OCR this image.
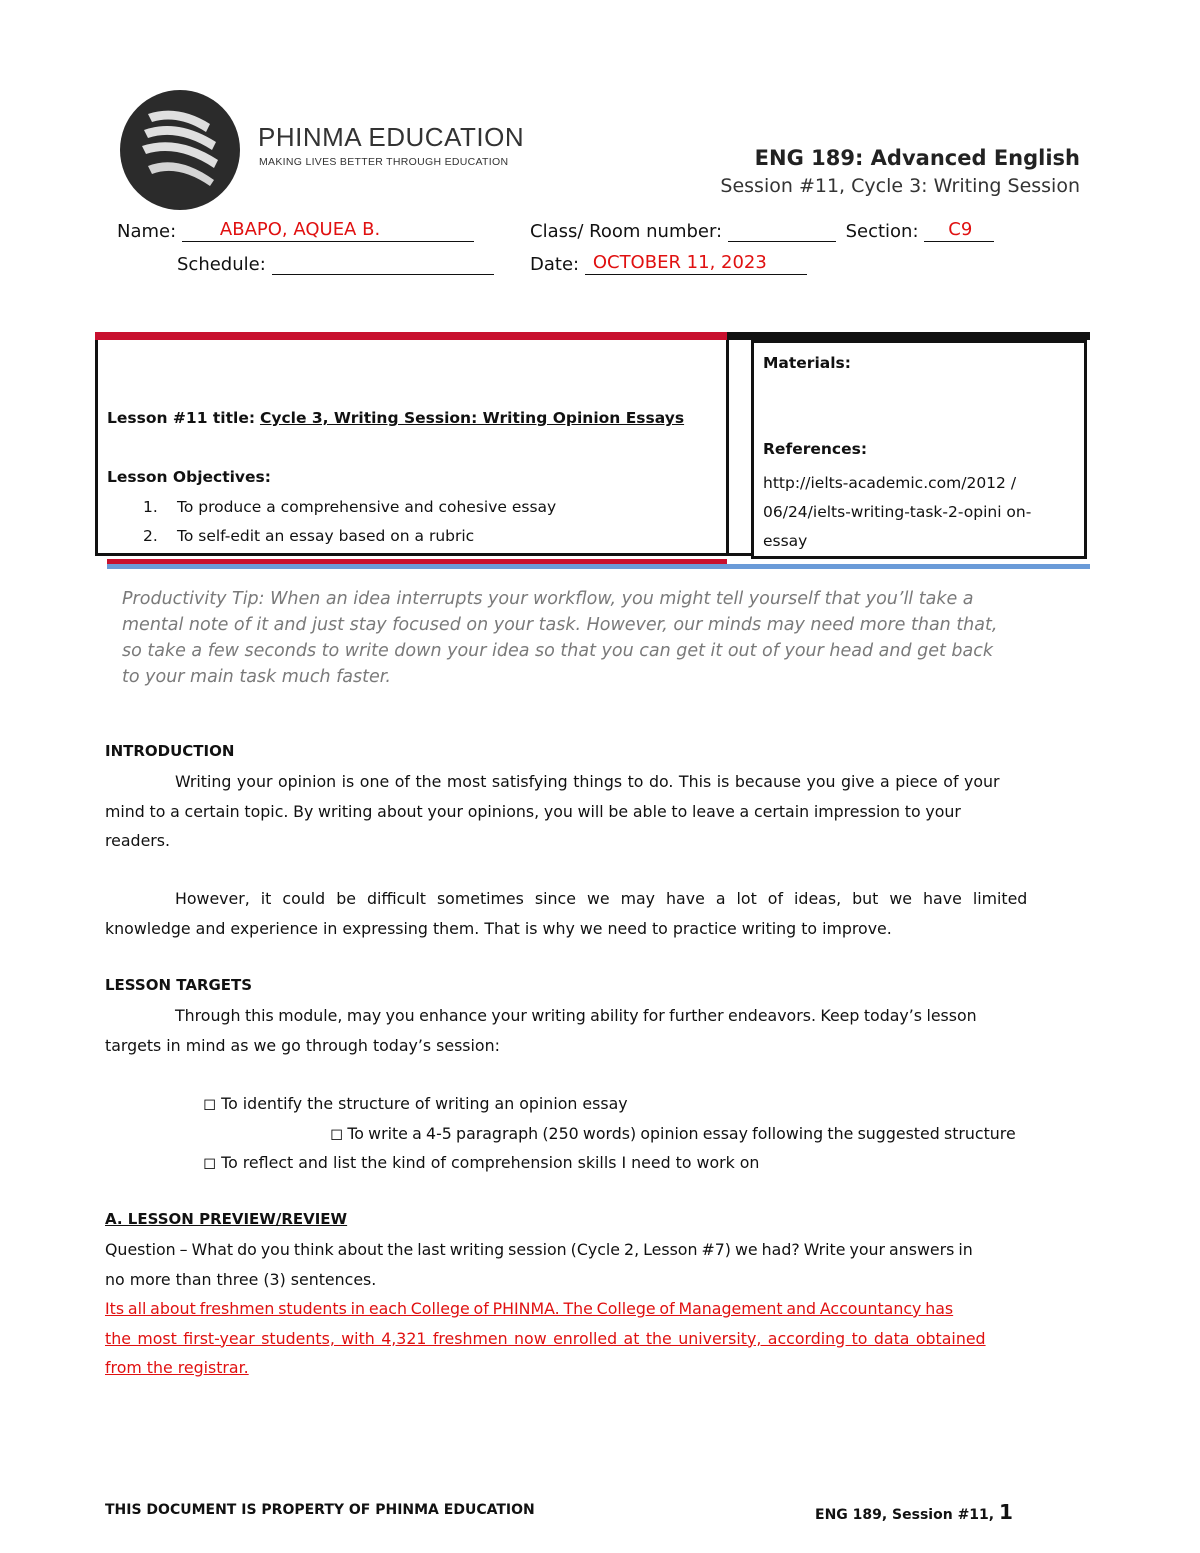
PHINMA EDUCATION
MAKING LIVES BETTER THROUGH EDUCATION	ENG 189: Advanced English
Session #11, Cycle 3: Writing Session
Name: ABAPO, AQUEA B.	Class/ Room number:	Section: C9
Schedule:	Date: OCTOBER 11, 2023
Lesson #11 title: Cycle 3, Writing Session: Writing Opinion Essays
Lesson Objectives:
1. To produce a comprehensive and cohesive essay
2. To self-edit an essay based on a rubric
Materials:
References:
http://ielts-academic.com/2012 /
06/24/ielts-writing-task-2-opini on-
essay
Productivity Tip: When an idea interrupts your workflow, you might tell yourself that you’ll take a
mental note of it and just stay focused on your task. However, our minds may need more than that,
so take a few seconds to write down your idea so that you can get it out of your head and get back
to your main task much faster.
INTRODUCTION
Writing your opinion is one of the most satisfying things to do. This is because you give a piece of your
mind to a certain topic. By writing about your opinions, you will be able to leave a certain impression to your
readers.
However, it could be difficult sometimes since we may have a lot of ideas, but we have limited
knowledge and experience in expressing them. That is why we need to practice writing to improve.
LESSON TARGETS
Through this module, may you enhance your writing ability for further endeavors. Keep today’s lesson
targets in mind as we go through today’s session:
◻ To identify the structure of writing an opinion essay
◻ To write a 4-5 paragraph (250 words) opinion essay following the suggested structure
◻ To reflect and list the kind of comprehension skills I need to work on
A. LESSON PREVIEW/REVIEW
Question – What do you think about the last writing session (Cycle 2, Lesson #7) we had? Write your answers in
no more than three (3) sentences.
Its all about freshmen students in each College of PHINMA. The College of Management and Accountancy has
the most first-year students, with 4,321 freshmen now enrolled at the university, according to data obtained
from the registrar.
THIS DOCUMENT IS PROPERTY OF PHINMA EDUCATION	ENG 189, Session #11, 1
